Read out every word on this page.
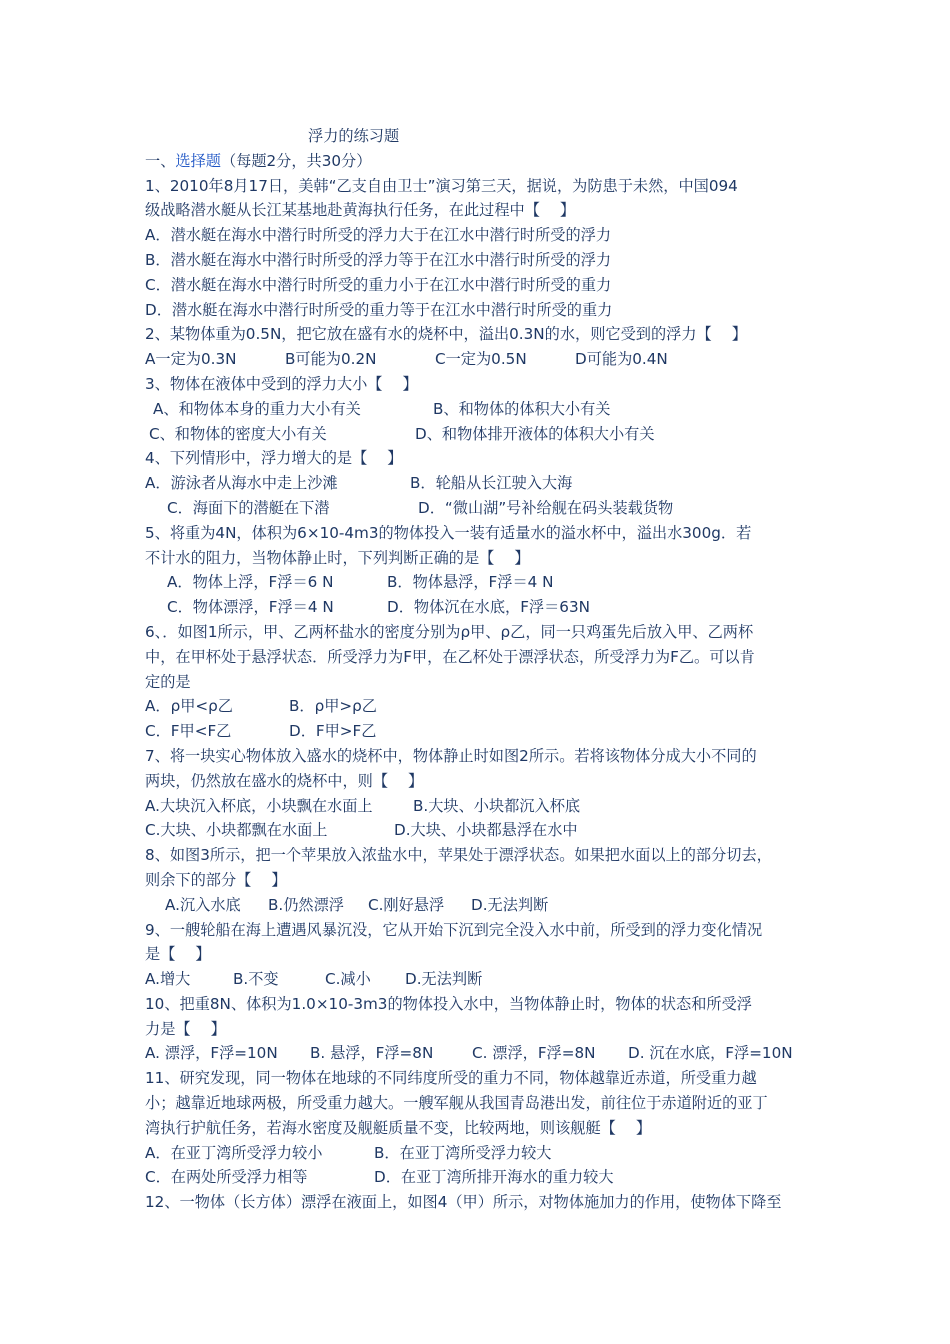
浮力的练习题
一、选择题（每题2分，共30分）
1、2010年8月17日，美韩“乙支自由卫士”演习第三天，据说，为防患于未然，中国094
级战略潜水艇从长江某基地赴黄海执行任务，在此过程中【　 】
A．潜水艇在海水中潜行时所受的浮力大于在江水中潜行时所受的浮力
B．潜水艇在海水中潜行时所受的浮力等于在江水中潜行时所受的浮力
C．潜水艇在海水中潜行时所受的重力小于在江水中潜行时所受的重力
D．潜水艇在海水中潜行时所受的重力等于在江水中潜行时所受的重力
2、某物体重为0.5N，把它放在盛有水的烧杯中，溢出0.3N的水，则它受到的浮力【 　】
A一定为0.3N	B可能为0.2N	C一定为0.5N	D可能为0.4N
3、物体在液体中受到的浮力大小【 　】
A、和物体本身的重力大小有关	B、和物体的体积大小有关
C、和物体的密度大小有关	D、和物体排开液体的体积大小有关
4、下列情形中，浮力增大的是【　 】
A．游泳者从海水中走上沙滩	B．轮船从长江驶入大海
C．海面下的潜艇在下潜	D．“微山湖”号补给舰在码头装载货物
5、将重为4N，体积为6×10-4m3的物体投入一装有适量水的溢水杯中，溢出水300g．若
不计水的阻力，当物体静止时，下列判断正确的是【　 】
A．物体上浮，F浮＝6 N	B．物体悬浮，F浮＝4 N
C．物体漂浮，F浮＝4 N	D．物体沉在水底，F浮＝63N
6、．如图1所示，甲、乙两杯盐水的密度分别为ρ甲、ρ乙，同一只鸡蛋先后放入甲、乙两杯
中，在甲杯处于悬浮状态．所受浮力为F甲，在乙杯处于漂浮状态，所受浮力为F乙。可以肯
定的是
A．ρ甲<ρ乙	B．ρ甲>ρ乙
C．F甲<F乙	D．F甲>F乙
7、将一块实心物体放入盛水的烧杯中，物体静止时如图2所示。若将该物体分成大小不同的
两块，仍然放在盛水的烧杯中，则【　 】
A.大块沉入杯底，小块飘在水面上	B.大块、小块都沉入杯底
C.大块、小块都飘在水面上	D.大块、小块都悬浮在水中
8、如图3所示，把一个苹果放入浓盐水中，苹果处于漂浮状态。如果把水面以上的部分切去，
则余下的部分【　 】
A.沉入水底	B.仍然漂浮	C.刚好悬浮	D.无法判断
9、一艘轮船在海上遭遇风暴沉没，它从开始下沉到完全没入水中前，所受到的浮力变化情况
是【　 】
A.增大	B.不变	C.减小	D.无法判断
10、把重8N、体积为1.0×10-3m3的物体投入水中，当物体静止时，物体的状态和所受浮
力是【　 】
A. 漂浮，F浮=10N	B. 悬浮，F浮=8N	C. 漂浮，F浮=8N	D. 沉在水底，F浮=10N
11、研究发现，同一物体在地球的不同纬度所受的重力不同，物体越靠近赤道，所受重力越
小；越靠近地球两极，所受重力越大。一艘军舰从我国青岛港出发，前往位于赤道附近的亚丁
湾执行护航任务，若海水密度及舰艇质量不变，比较两地，则该舰艇【　 】
A．在亚丁湾所受浮力较小	B．在亚丁湾所受浮力较大
C．在两处所受浮力相等	D．在亚丁湾所排开海水的重力较大
12、一物体（长方体）漂浮在液面上，如图4（甲）所示，对物体施加力的作用，使物体下降至
